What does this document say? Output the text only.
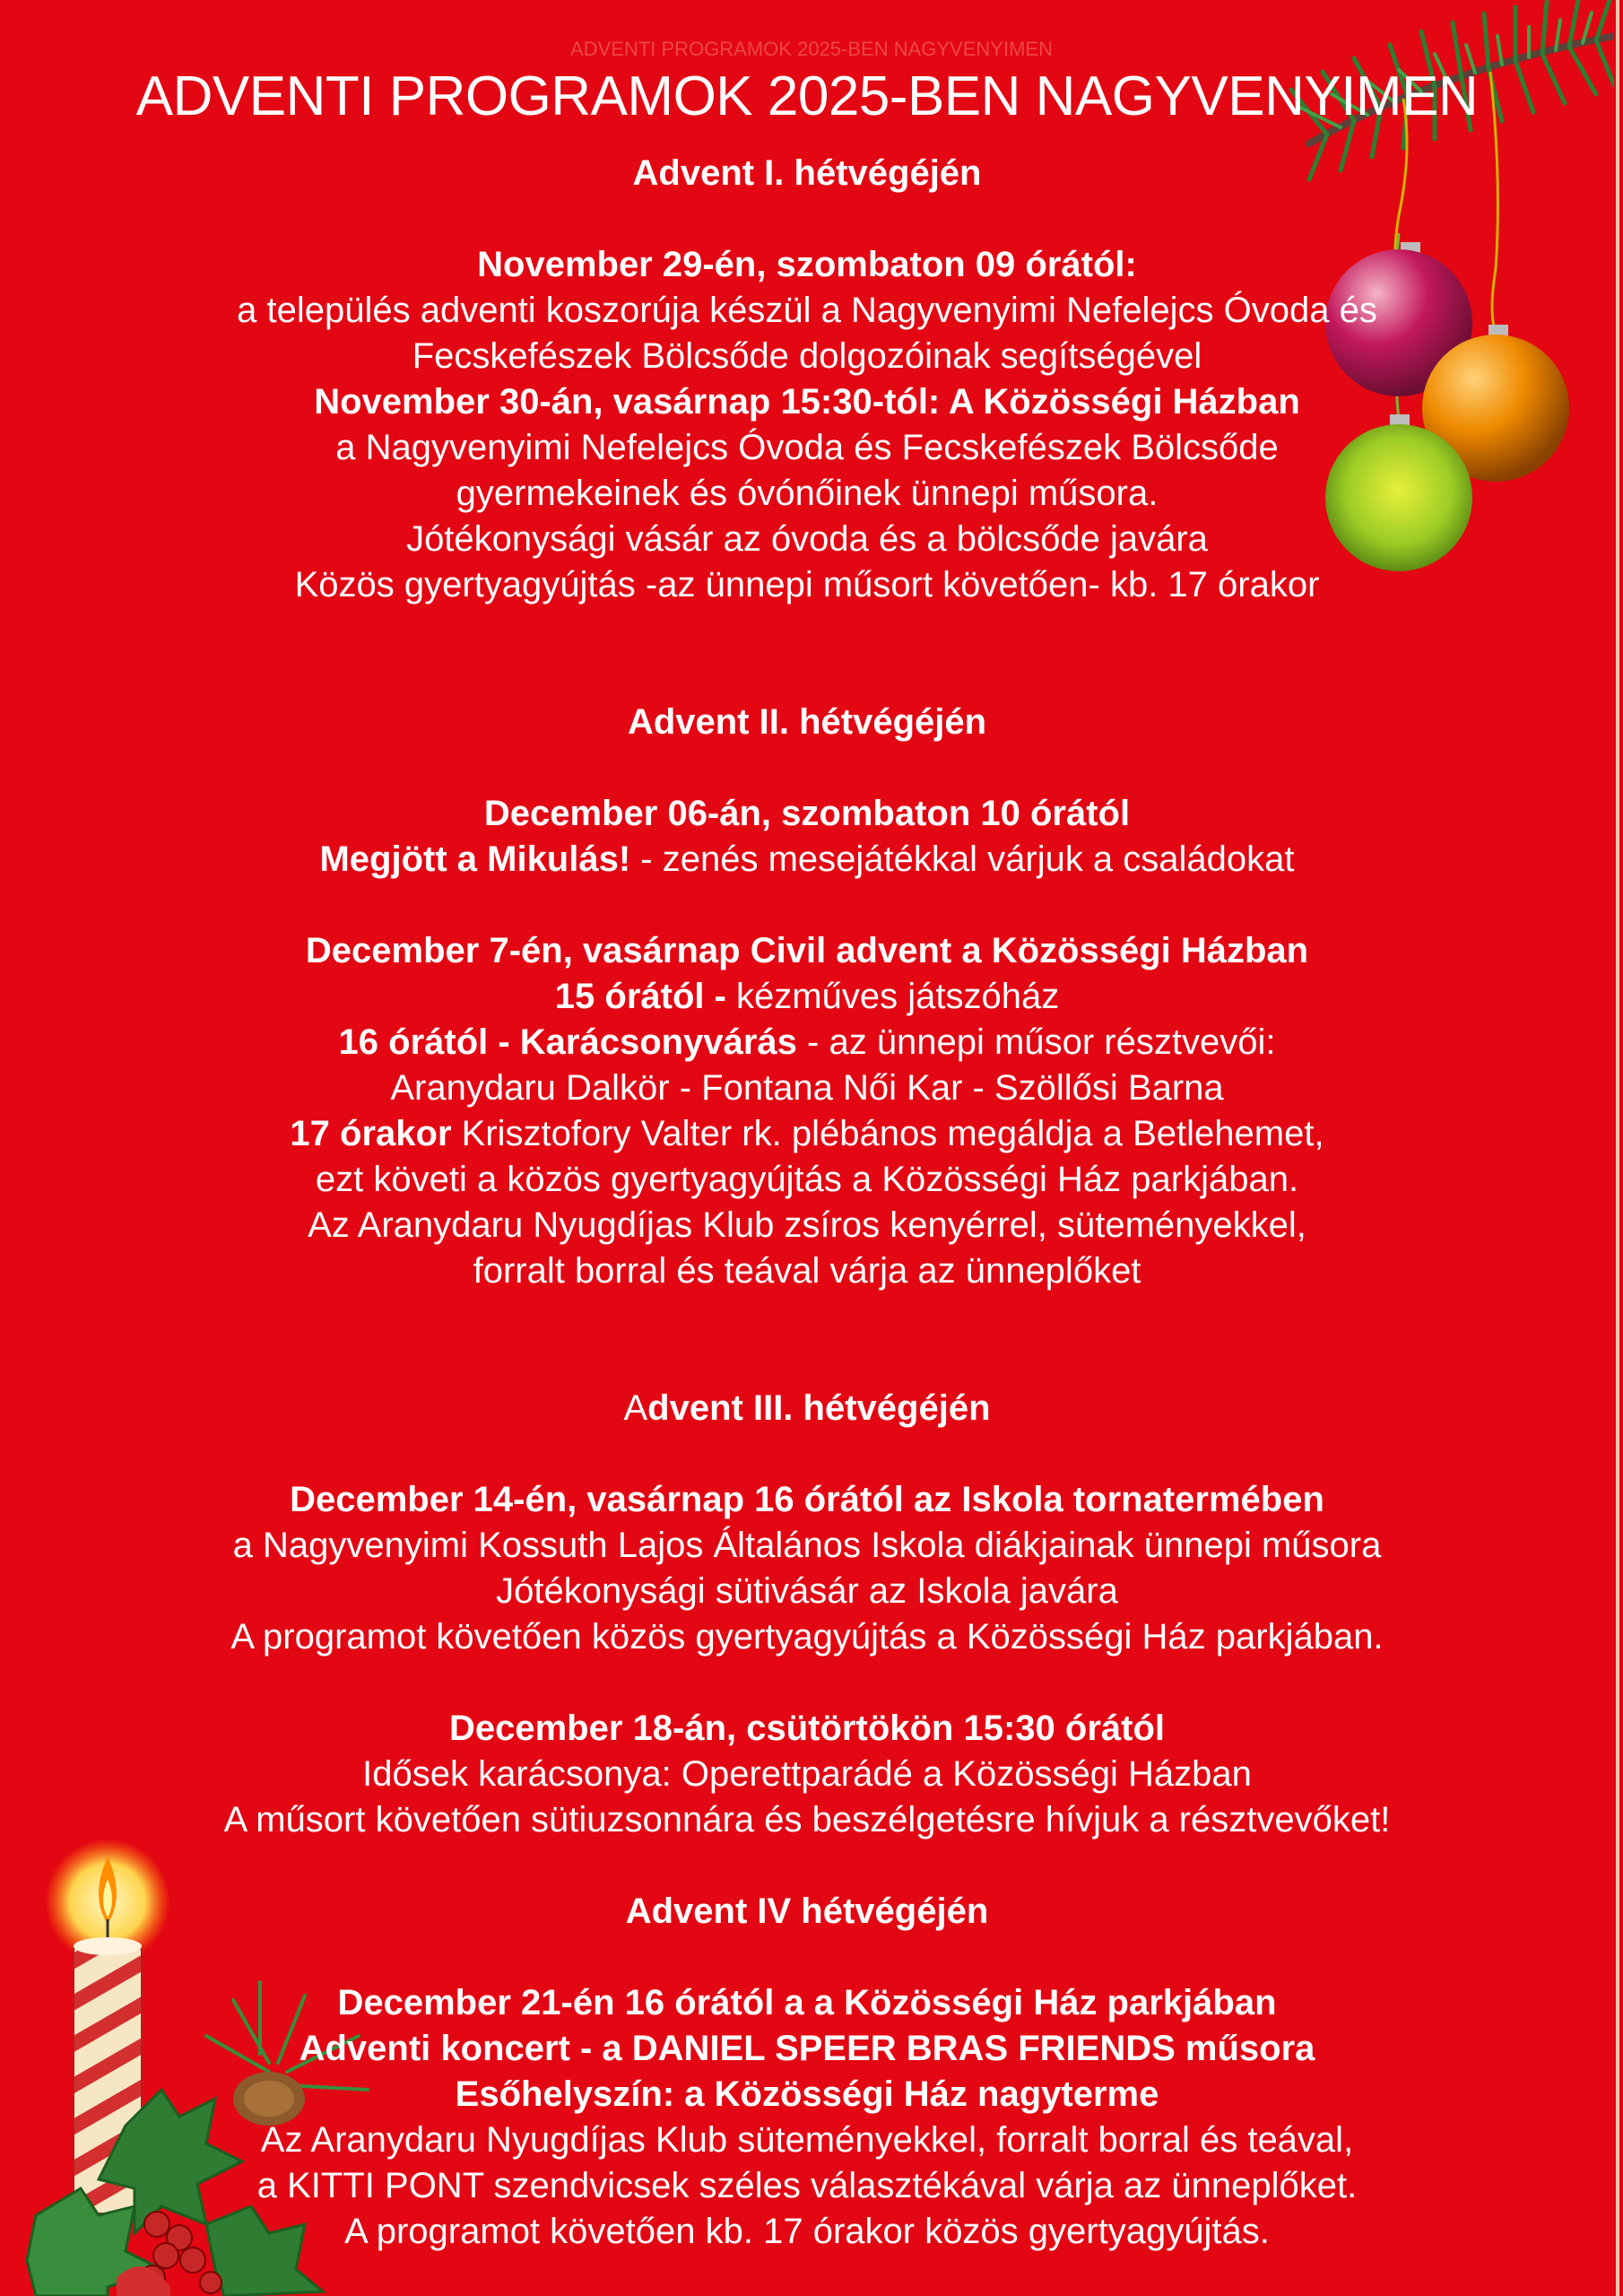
ADVENTI PROGRAMOK 2025-BEN NAGYVENYIMEN
ADVENTI PROGRAMOK 2025-BEN NAGYVENYIMEN

Advent I. hétvégéjén

November 29-én, szombaton 09 órától:

a település adventi koszorúja készül a Nagyvenyimi Nefelejcs Óvoda és

Fecskefészek Bölcsőde dolgozóinak segítségével

November 30-án, vasárnap 15:30-tól: A Közösségi Házban

a Nagyvenyimi Nefelejcs Óvoda és Fecskefészek Bölcsőde

gyermekeinek és óvónőinek ünnepi műsora.

Jótékonysági vásár az óvoda és a bölcsőde javára

Közös gyertyagyújtás -az ünnepi műsort követően- kb. 17 órakor

Advent II. hétvégéjén

December 06-án, szombaton 10 órától

Megjött a Mikulás! - zenés mesejátékkal várjuk a családokat

December 7-én, vasárnap Civil advent a Közösségi Házban

15 órától - kézműves játszóház

16 órától - Karácsonyvárás - az ünnepi műsor résztvevői:

Aranydaru Dalkör - Fontana Női Kar - Szöllősi Barna

17 órakor Krisztofory Valter rk. plébános megáldja a Betlehemet,

ezt követi a közös gyertyagyújtás a Közösségi Ház parkjában.

Az Aranydaru Nyugdíjas Klub zsíros kenyérrel, süteményekkel,

forralt borral és teával várja az ünneplőket

Advent III. hétvégéjén

December 14-én, vasárnap 16 órától az Iskola tornatermében

a Nagyvenyimi Kossuth Lajos Általános Iskola diákjainak ünnepi műsora

Jótékonysági sütivásár az Iskola javára

A programot követően közös gyertyagyújtás a Közösségi Ház parkjában.

December 18-án, csütörtökön 15:30 órától

Idősek karácsonya: Operettparádé a Közösségi Házban

A műsort követően sütiuzsonnára és beszélgetésre hívjuk a résztvevőket!

Advent IV hétvégéjén

December 21-én 16 órától a a Közösségi Ház parkjában

Adventi koncert - a DANIEL SPEER BRAS FRIENDS műsora

Esőhelyszín: a Közösségi Ház nagyterme

Az Aranydaru Nyugdíjas Klub süteményekkel, forralt borral és teával,

a KITTI PONT szendvicsek széles választékával várja az ünneplőket.

A programot követően kb. 17 órakor közös gyertyagyújtás.
